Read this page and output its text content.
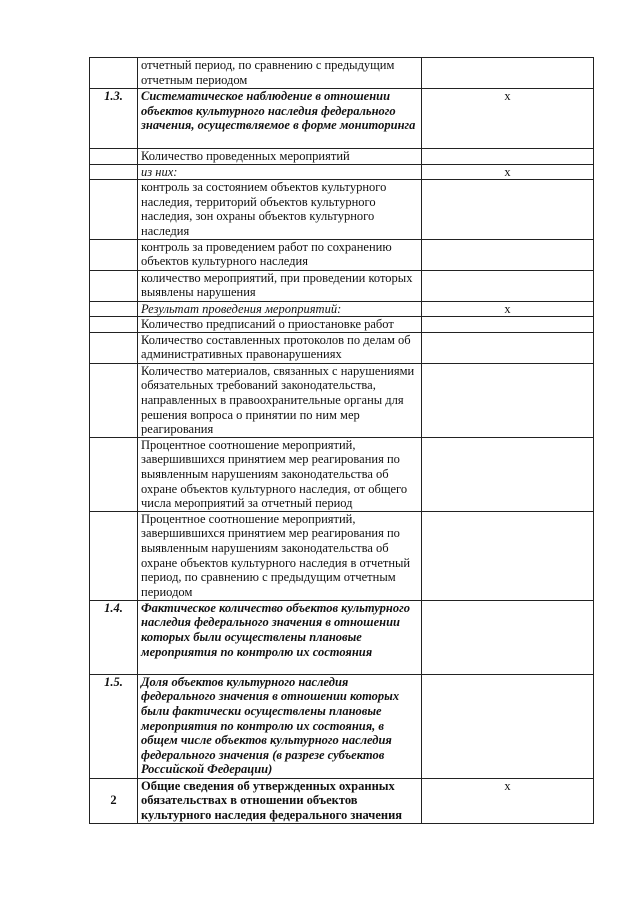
	отчетный период, по сравнению с предыдущим отчетным периодом	
1.3.	Систематическое наблюдение в отношении объектов культурного наследия федерального значения, осуществляемое в форме мониторинга	x
	Количество проведенных мероприятий	
	из них:	x
	контроль за состоянием объектов культурного наследия, территорий объектов культурного наследия, зон охраны объектов культурного наследия	
	контроль за проведением работ по сохранению объектов культурного наследия	
	количество мероприятий, при проведении которых выявлены нарушения	
	Результат проведения мероприятий:	x
	Количество предписаний о приостановке работ	
	Количество составленных протоколов по делам об административных правонарушениях	
	Количество материалов, связанных с нарушениями обязательных требований законодательства, направленных в правоохранительные органы для решения вопроса о принятии по ним мер реагирования	
	Процентное соотношение мероприятий, завершившихся принятием мер реагирования по выявленным нарушениям законодательства об охране объектов культурного наследия, от общего числа мероприятий за отчетный период	
	Процентное соотношение мероприятий, завершившихся принятием мер реагирования по выявленным нарушениям законодательства об охране объектов культурного наследия в отчетный период, по сравнению с предыдущим отчетным периодом	
1.4.	Фактическое количество объектов культурного наследия федерального значения в отношении которых были осуществлены плановые мероприятия по контролю их состояния	
1.5.	Доля объектов культурного наследия федерального значения в отношении которых были фактически осуществлены плановые мероприятия по контролю их состояния, в общем числе объектов культурного наследия федерального значения (в разрезе субъектов Российской Федерации)	
2	Общие сведения об утвержденных охранных обязательствах в отношении объектов культурного наследия федерального значения	x
